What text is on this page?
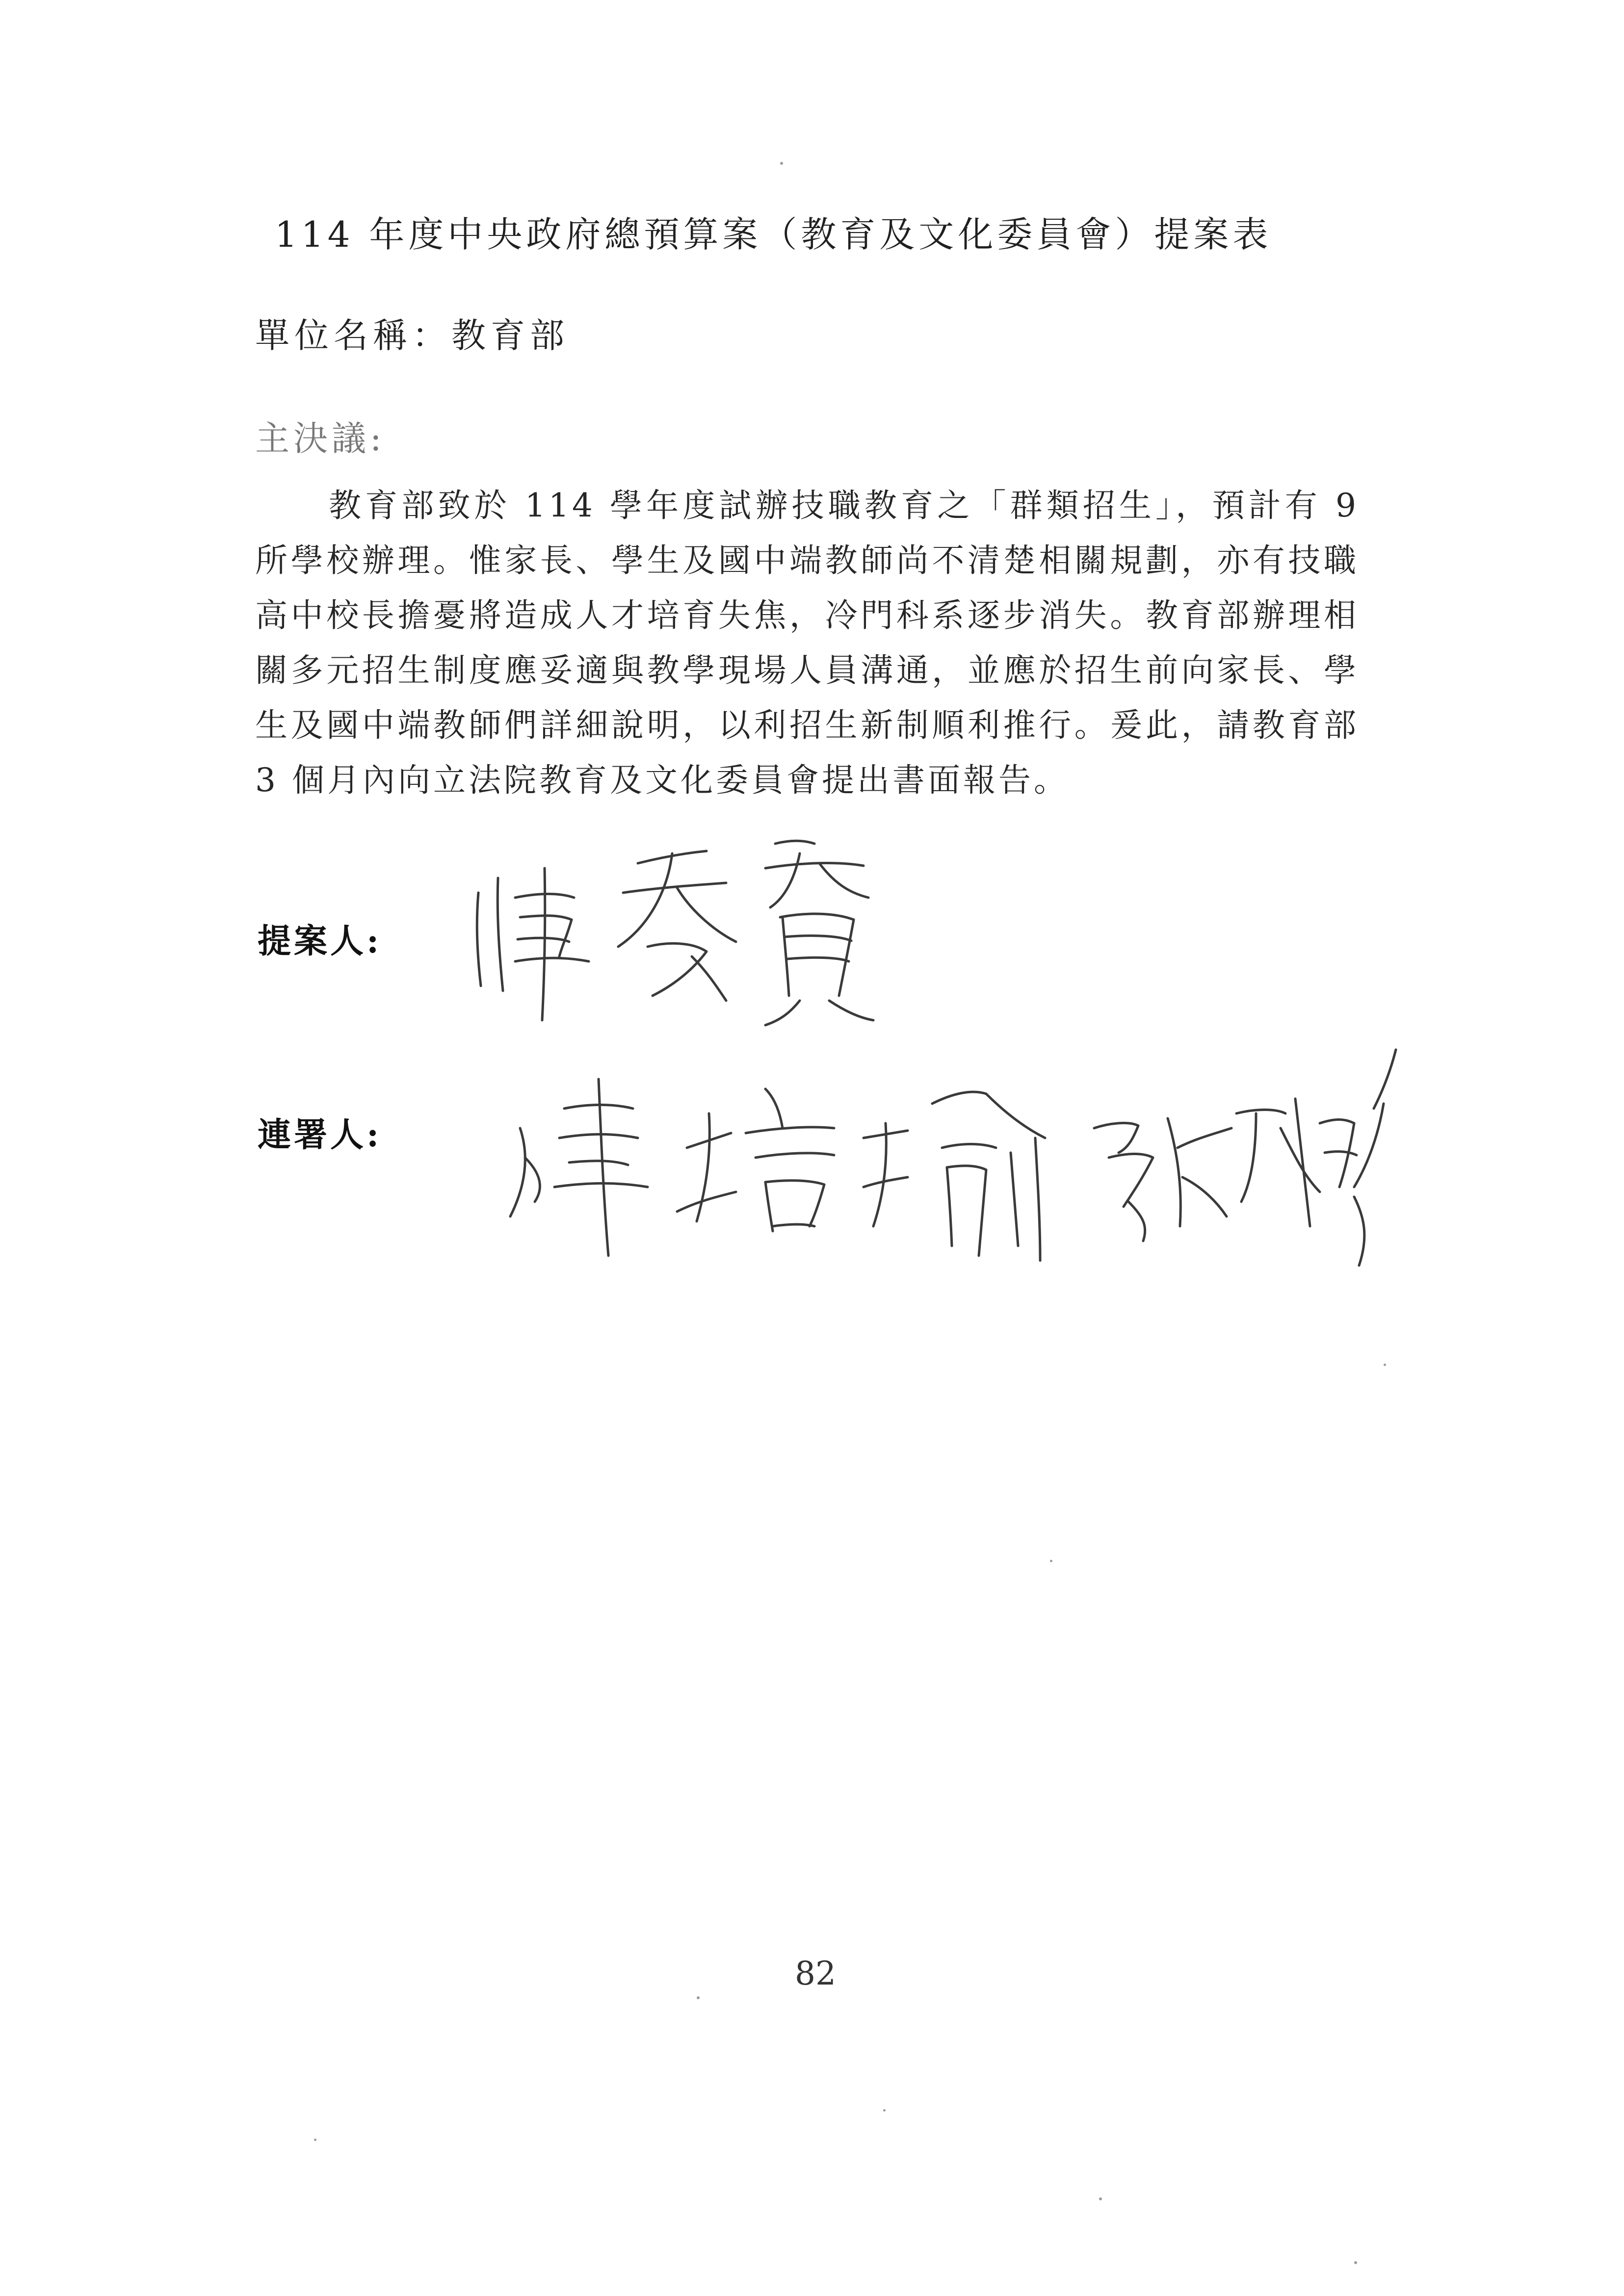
114 年度中央政府總預算案（教育及文化委員會）提案表
單位名稱：教育部
主決議:
教育部致於 114 學年度試辦技職教育之「群類招生」，預計有 9 所學校辦理。惟家長、學生及國中端教師尚不清楚相關規劃，亦有技職高中校長擔憂將造成人才培育失焦，冷門科系逐步消失。教育部辦理相關多元招生制度應妥適與教學現場人員溝通，並應於招生前向家長、學生及國中端教師們詳細說明，以利招生新制順利推行。爰此，請教育部 3 個月內向立法院教育及文化委員會提出書面報告。
提案人:
連署人:
82
